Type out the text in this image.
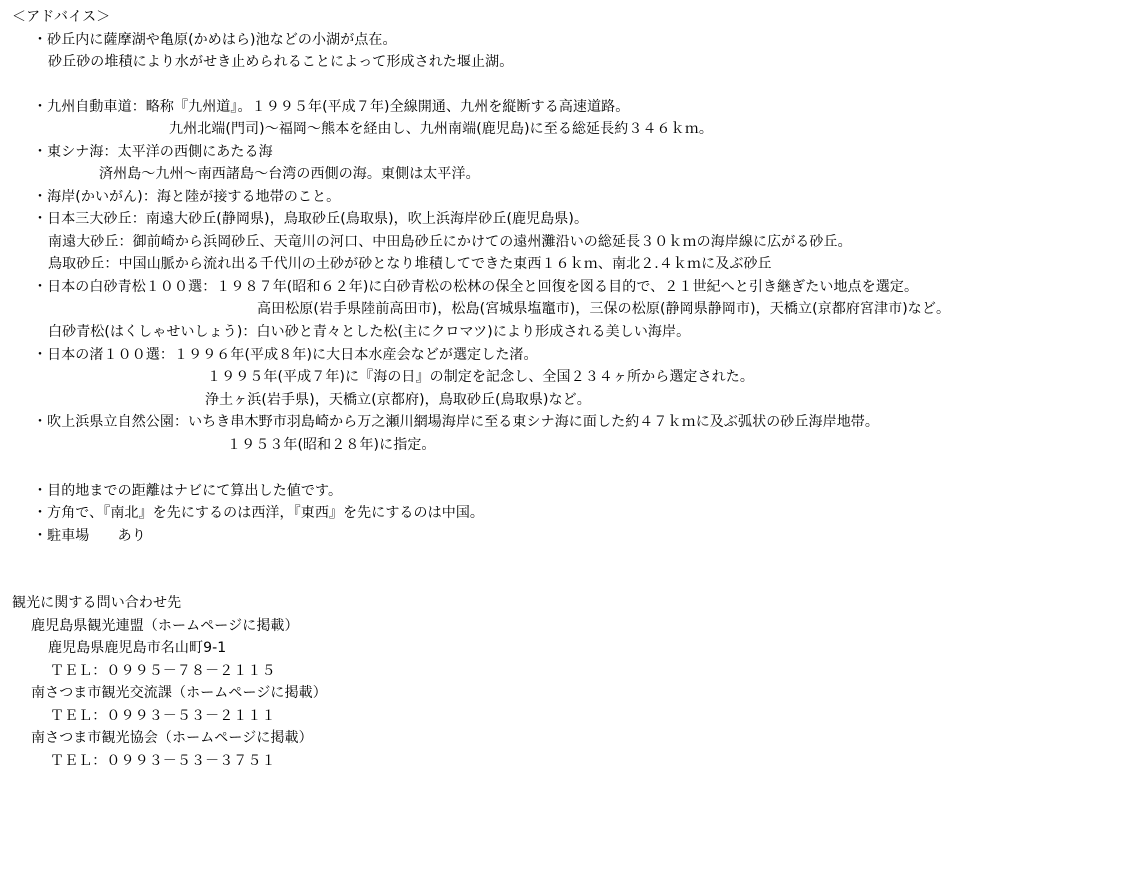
＜アドバイス＞
・砂丘内に薩摩湖や亀原(かめはら)池などの小湖が点在。
砂丘砂の堆積により水がせき止められることによって形成された堰止湖。
・九州自動車道：略称『九州道』。１９９５年(平成７年)全線開通、九州を縦断する高速道路。
九州北端(門司)～福岡～熊本を経由し、九州南端(鹿児島)に至る総延長約３４６ｋｍ。
・東シナ海：太平洋の西側にあたる海
済州島～九州～南西諸島～台湾の西側の海。東側は太平洋。
・海岸(かいがん)：海と陸が接する地帯のこと。
・日本三大砂丘：南遠大砂丘(静岡県)，鳥取砂丘(鳥取県)，吹上浜海岸砂丘(鹿児島県)。
南遠大砂丘：御前崎から浜岡砂丘、天竜川の河口、中田島砂丘にかけての遠州灘沿いの総延長３０ｋｍの海岸線に広がる砂丘。
鳥取砂丘：中国山脈から流れ出る千代川の土砂が砂となり堆積してできた東西１６ｋｍ、南北２.４ｋｍに及ぶ砂丘
・日本の白砂青松１００選：１９８７年(昭和６２年)に白砂青松の松林の保全と回復を図る目的で、２１世紀へと引き継ぎたい地点を選定。
高田松原(岩手県陸前高田市)，松島(宮城県塩竈市)，三保の松原(静岡県静岡市)，天橋立(京都府宮津市)など。
白砂青松(はくしゃせいしょう)：白い砂と青々とした松(主にクロマツ)により形成される美しい海岸。
・日本の渚１００選：１９９６年(平成８年)に大日本水産会などが選定した渚。
１９９５年(平成７年)に『海の日』の制定を記念し、全国２３４ヶ所から選定された。
浄土ヶ浜(岩手県)，天橋立(京都府)，鳥取砂丘(鳥取県)など。
・吹上浜県立自然公園：いちき串木野市羽島崎から万之瀬川網場海岸に至る東シナ海に面した約４７ｋｍに及ぶ弧状の砂丘海岸地帯。
１９５３年(昭和２８年)に指定。
・目的地までの距離はナビにて算出した値です。
・方角で、『南北』を先にするのは西洋，『東西』を先にするのは中国。
・駐車場　　あり
観光に関する問い合わせ先
鹿児島県観光連盟（ホームページに掲載）
鹿児島県鹿児島市名山町9-1
ＴＥＬ：０９９５－７８－２１１５
南さつま市観光交流課（ホームページに掲載）
ＴＥＬ：０９９３－５３－２１１１
南さつま市観光協会（ホームページに掲載）
ＴＥＬ：０９９３－５３－３７５１
